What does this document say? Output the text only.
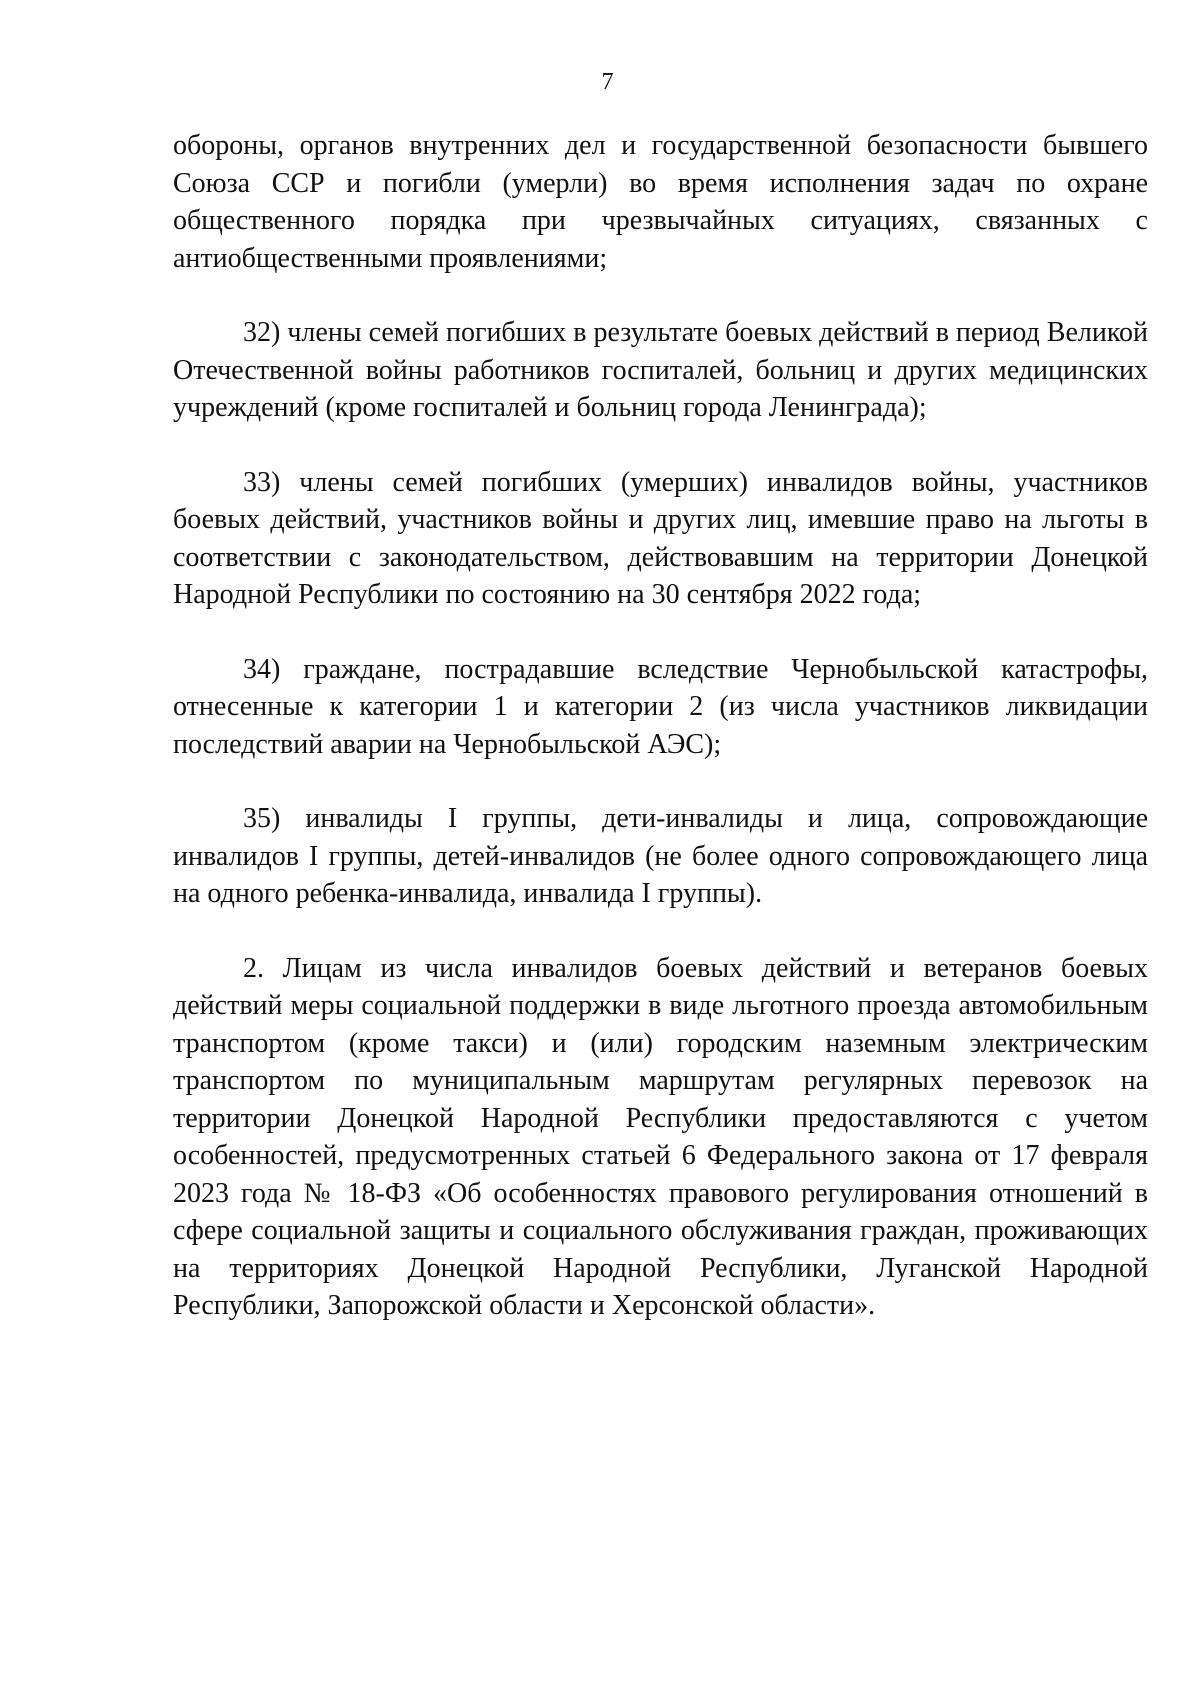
7

обороны, органов внутренних дел и государственной безопасности бывшего Союза ССР и погибли (умерли) во время исполнения задач по охране общественного порядка при чрезвычайных ситуациях, связанных с антиобщественными проявлениями;

32) члены семей погибших в результате боевых действий в период Великой Отечественной войны работников госпиталей, больниц и других медицинских учреждений (кроме госпиталей и больниц города Ленинграда);

33) члены семей погибших (умерших) инвалидов войны, участников боевых действий, участников войны и других лиц, имевшие право на льготы в соответствии с законодательством, действовавшим на территории Донецкой Народной Республики по состоянию на 30 сентября 2022 года;

34) граждане, пострадавшие вследствие Чернобыльской катастрофы, отнесенные к категории 1 и категории 2 (из числа участников ликвидации последствий аварии на Чернобыльской АЭС);

35) инвалиды I группы, дети-инвалиды и лица, сопровождающие инвалидов I группы, детей-инвалидов (не более одного сопровождающего лица на одного ребенка-инвалида, инвалида I группы).

2. Лицам из числа инвалидов боевых действий и ветеранов боевых действий меры социальной поддержки в виде льготного проезда автомобильным транспортом (кроме такси) и (или) городским наземным электрическим транспортом по муниципальным маршрутам регулярных перевозок на территории Донецкой Народной Республики предоставляются с учетом особенностей, предусмотренных статьей 6 Федерального закона от 17 февраля 2023 года № 18-ФЗ «Об особенностях правового регулирования отношений в сфере социальной защиты и социального обслуживания граждан, проживающих на территориях Донецкой Народной Республики, Луганской Народной Республики, Запорожской области и Херсонской области».
